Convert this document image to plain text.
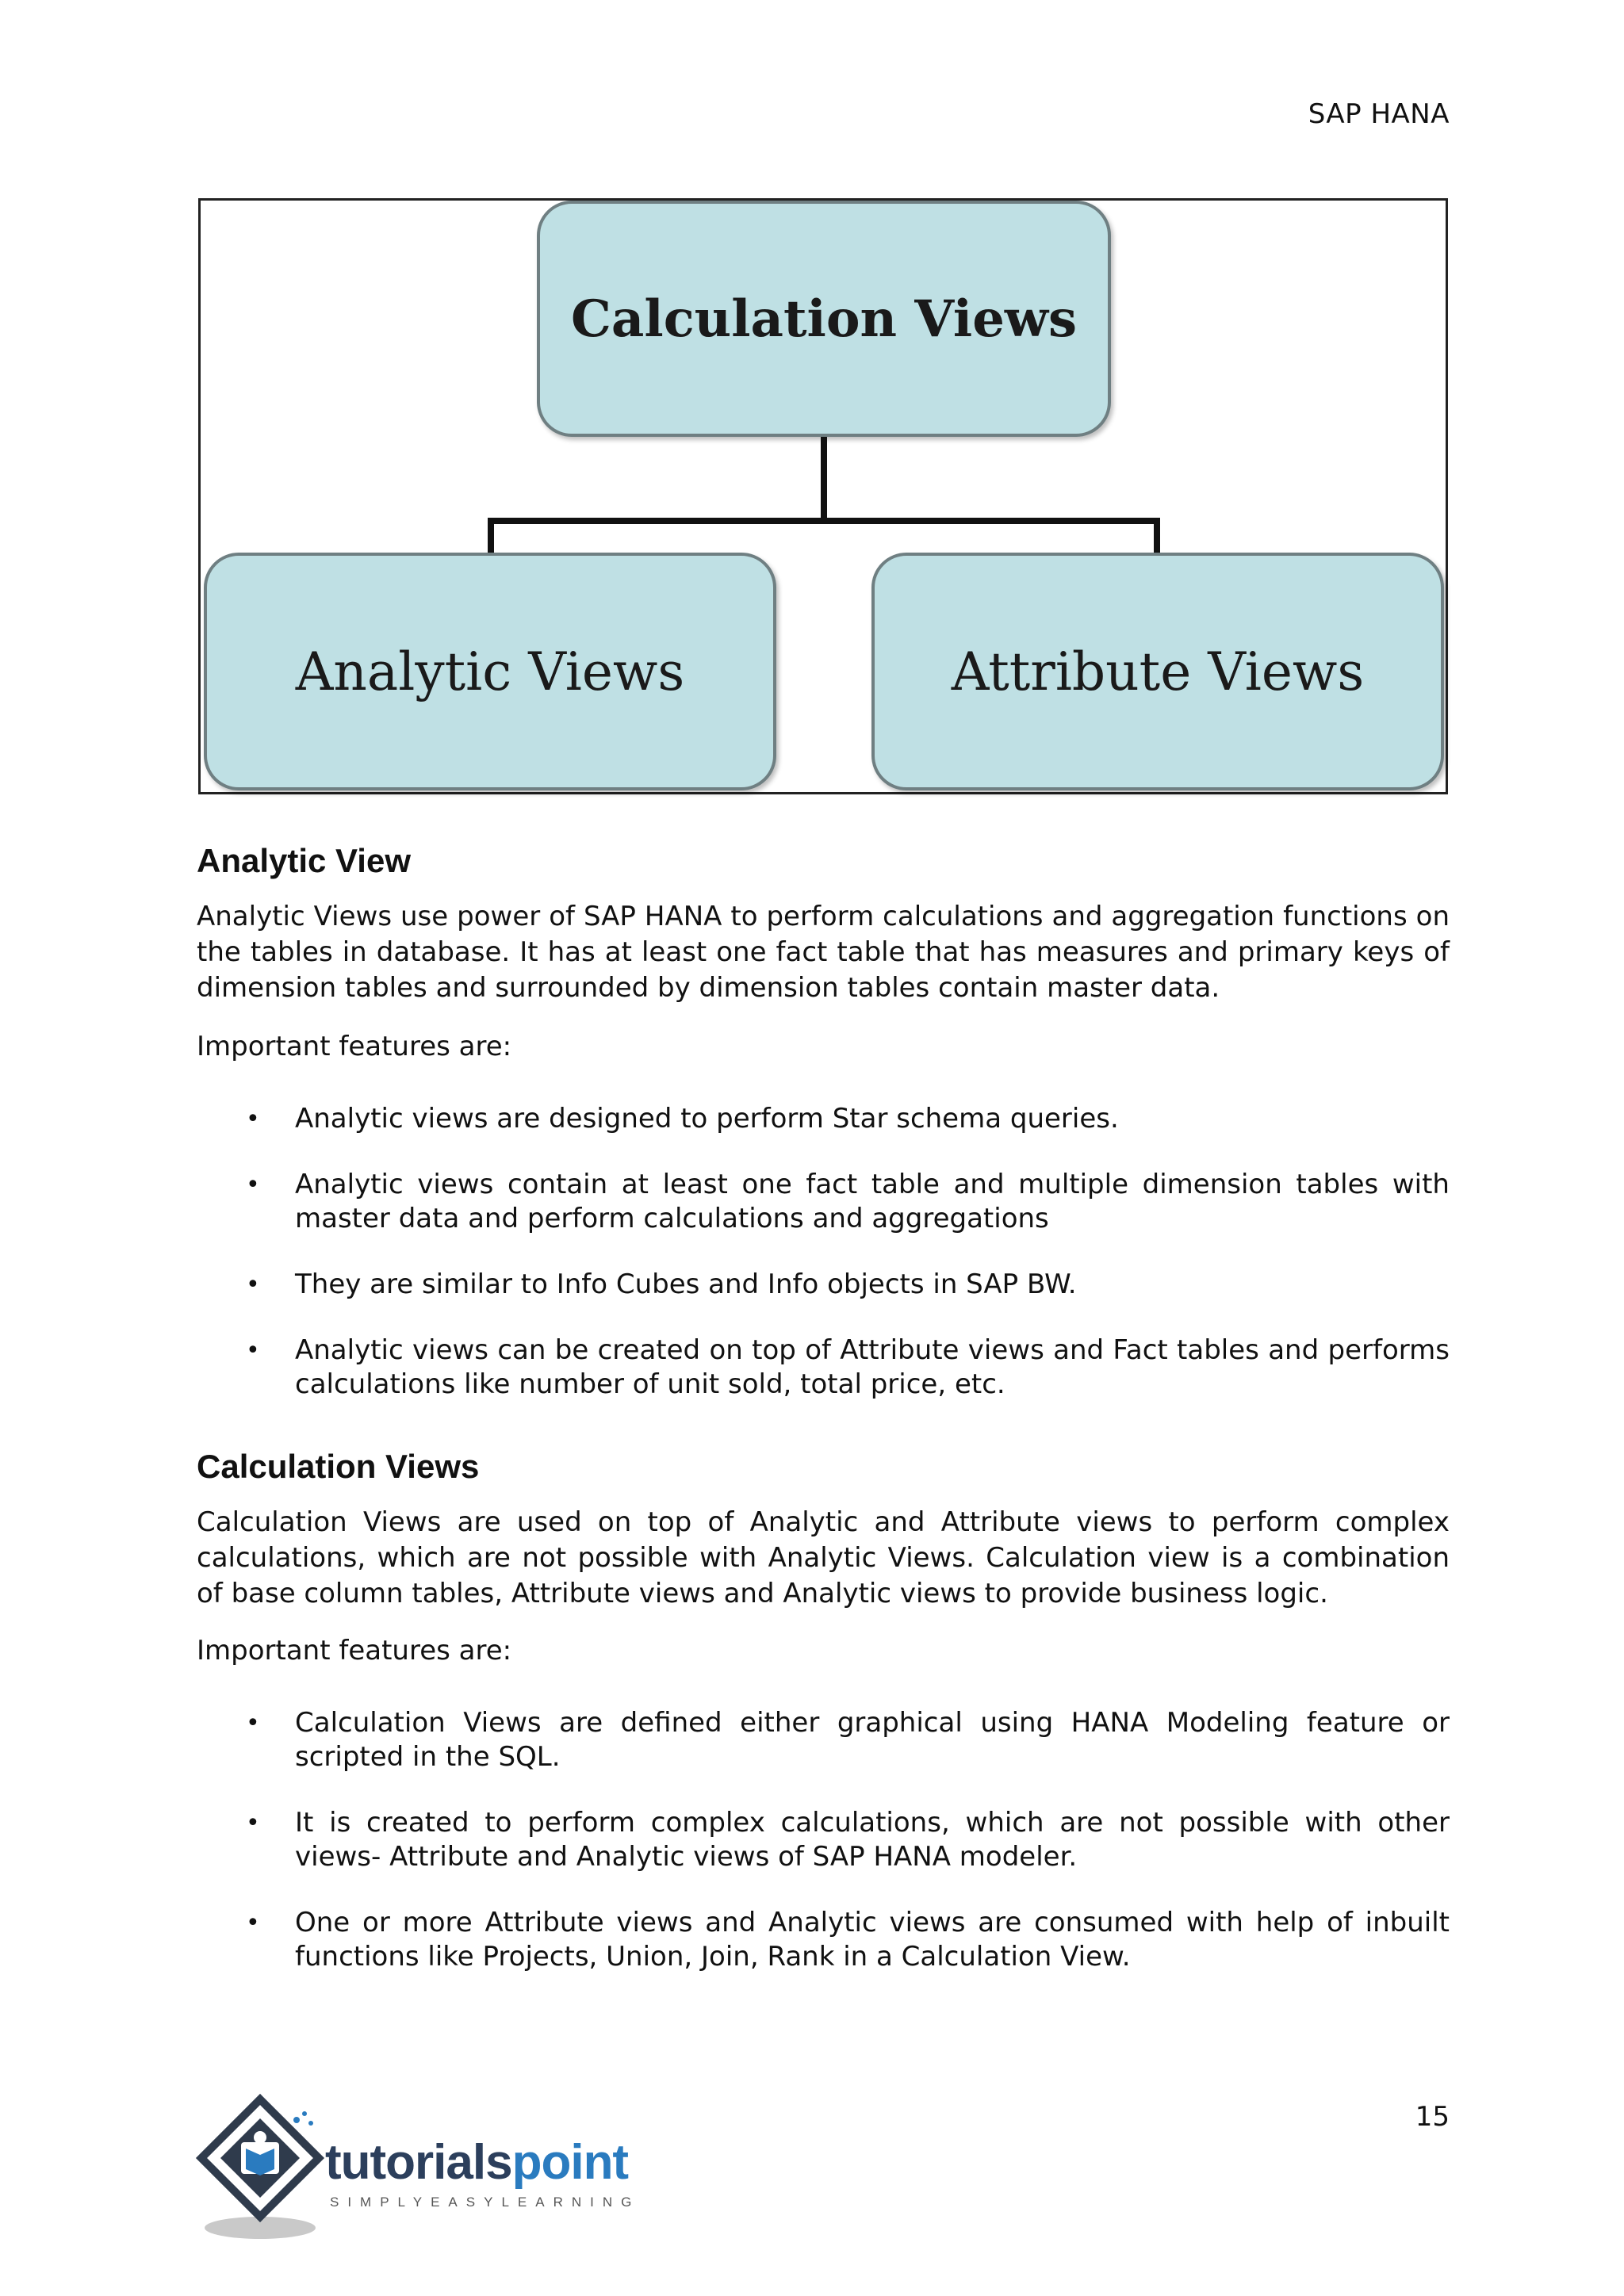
SAP HANA
Calculation Views
Analytic Views	Attribute Views
Analytic View

Analytic Views use power of SAP HANA to perform calculations and aggregation functions on the tables in database. It has at least one fact table that has measures and primary keys of dimension tables and surrounded by dimension tables contain master data.

Important features are:

• Analytic views are designed to perform Star schema queries.
• Analytic views contain at least one fact table and multiple dimension tables with master data and perform calculations and aggregations
• They are similar to Info Cubes and Info objects in SAP BW.
• Analytic views can be created on top of Attribute views and Fact tables and performs calculations like number of unit sold, total price, etc.
Calculation Views

Calculation Views are used on top of Analytic and Attribute views to perform complex calculations, which are not possible with Analytic Views. Calculation view is a combination of base column tables, Attribute views and Analytic views to provide business logic.

Important features are:

• Calculation Views are defined either graphical using HANA Modeling feature or scripted in the SQL.
• It is created to perform complex calculations, which are not possible with other views- Attribute and Analytic views of SAP HANA modeler.
• One or more Attribute views and Analytic views are consumed with help of inbuilt functions like Projects, Union, Join, Rank in a Calculation View.
15
tutorialspoint
SIMPLYEASYLEARNING
